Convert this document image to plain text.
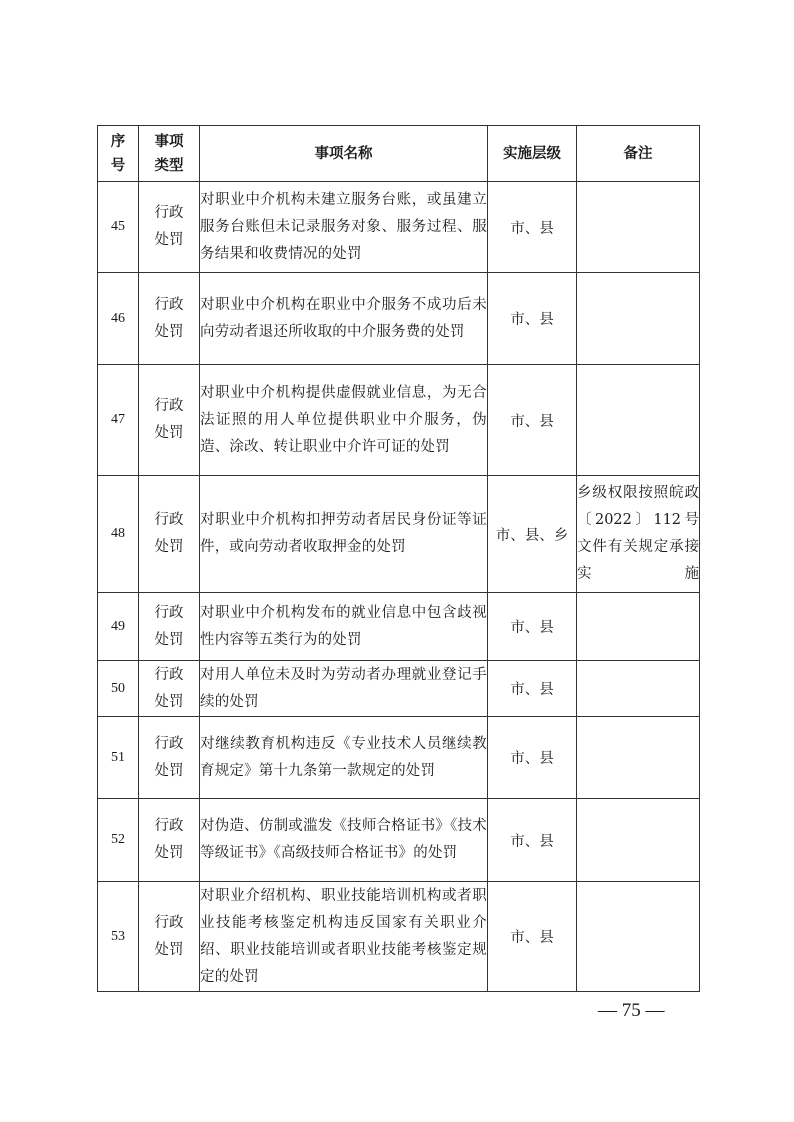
序号	事项类型	事项名称	实施层级	备注
45	行政处罚	对职业中介机构未建立服务台账，或虽建立服务台账但未记录服务对象、服务过程、服务结果和收费情况的处罚	市、县	
46	行政处罚	对职业中介机构在职业中介服务不成功后未向劳动者退还所收取的中介服务费的处罚	市、县	
47	行政处罚	对职业中介机构提供虚假就业信息，为无合法证照的用人单位提供职业中介服务，伪造、涂改、转让职业中介许可证的处罚	市、县	
48	行政处罚	对职业中介机构扣押劳动者居民身份证等证件，或向劳动者收取押金的处罚	市、县、乡	乡级权限按照皖政〔2022〕112号文件有关规定承接实施
49	行政处罚	对职业中介机构发布的就业信息中包含歧视性内容等五类行为的处罚	市、县	
50	行政处罚	对用人单位未及时为劳动者办理就业登记手续的处罚	市、县	
51	行政处罚	对继续教育机构违反《专业技术人员继续教育规定》第十九条第一款规定的处罚	市、县	
52	行政处罚	对伪造、仿制或滥发《技师合格证书》《技术等级证书》《高级技师合格证书》的处罚	市、县	
53	行政处罚	对职业介绍机构、职业技能培训机构或者职业技能考核鉴定机构违反国家有关职业介绍、职业技能培训或者职业技能考核鉴定规定的处罚	市、县	
— 75 —
